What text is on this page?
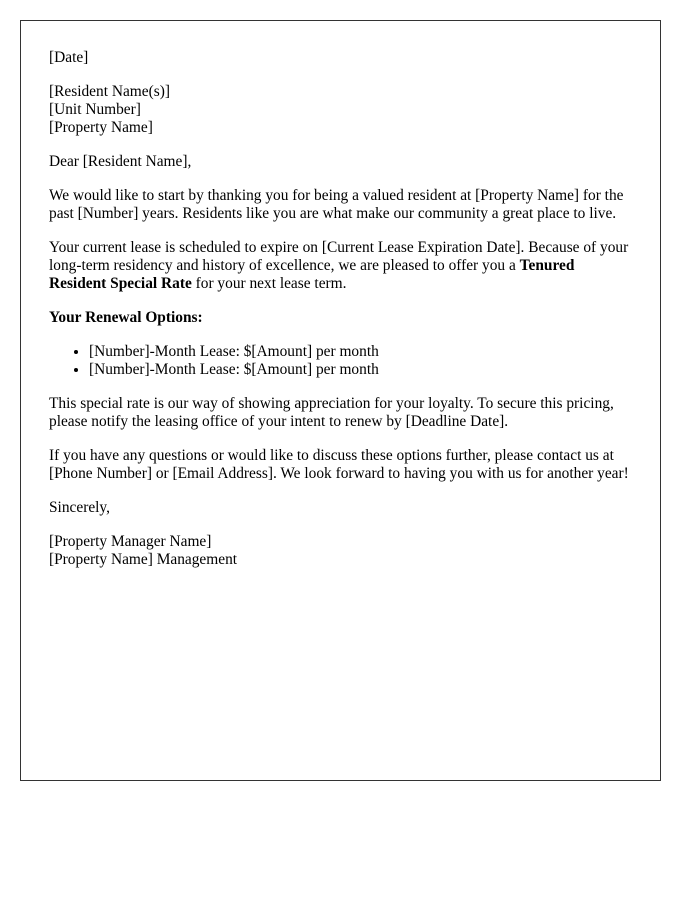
[Date]

[Resident Name(s)]
[Unit Number]
[Property Name]

Dear [Resident Name],

We would like to start by thanking you for being a valued resident at [Property Name] for the past [Number] years. Residents like you are what make our community a great place to live.

Your current lease is scheduled to expire on [Current Lease Expiration Date]. Because of your long-term residency and history of excellence, we are pleased to offer you a Tenured Resident Special Rate for your next lease term.

Your Renewal Options:

• [Number]-Month Lease: $[Amount] per month
• [Number]-Month Lease: $[Amount] per month

This special rate is our way of showing appreciation for your loyalty. To secure this pricing, please notify the leasing office of your intent to renew by [Deadline Date].

If you have any questions or would like to discuss these options further, please contact us at [Phone Number] or [Email Address]. We look forward to having you with us for another year!

Sincerely,

[Property Manager Name]
[Property Name] Management
